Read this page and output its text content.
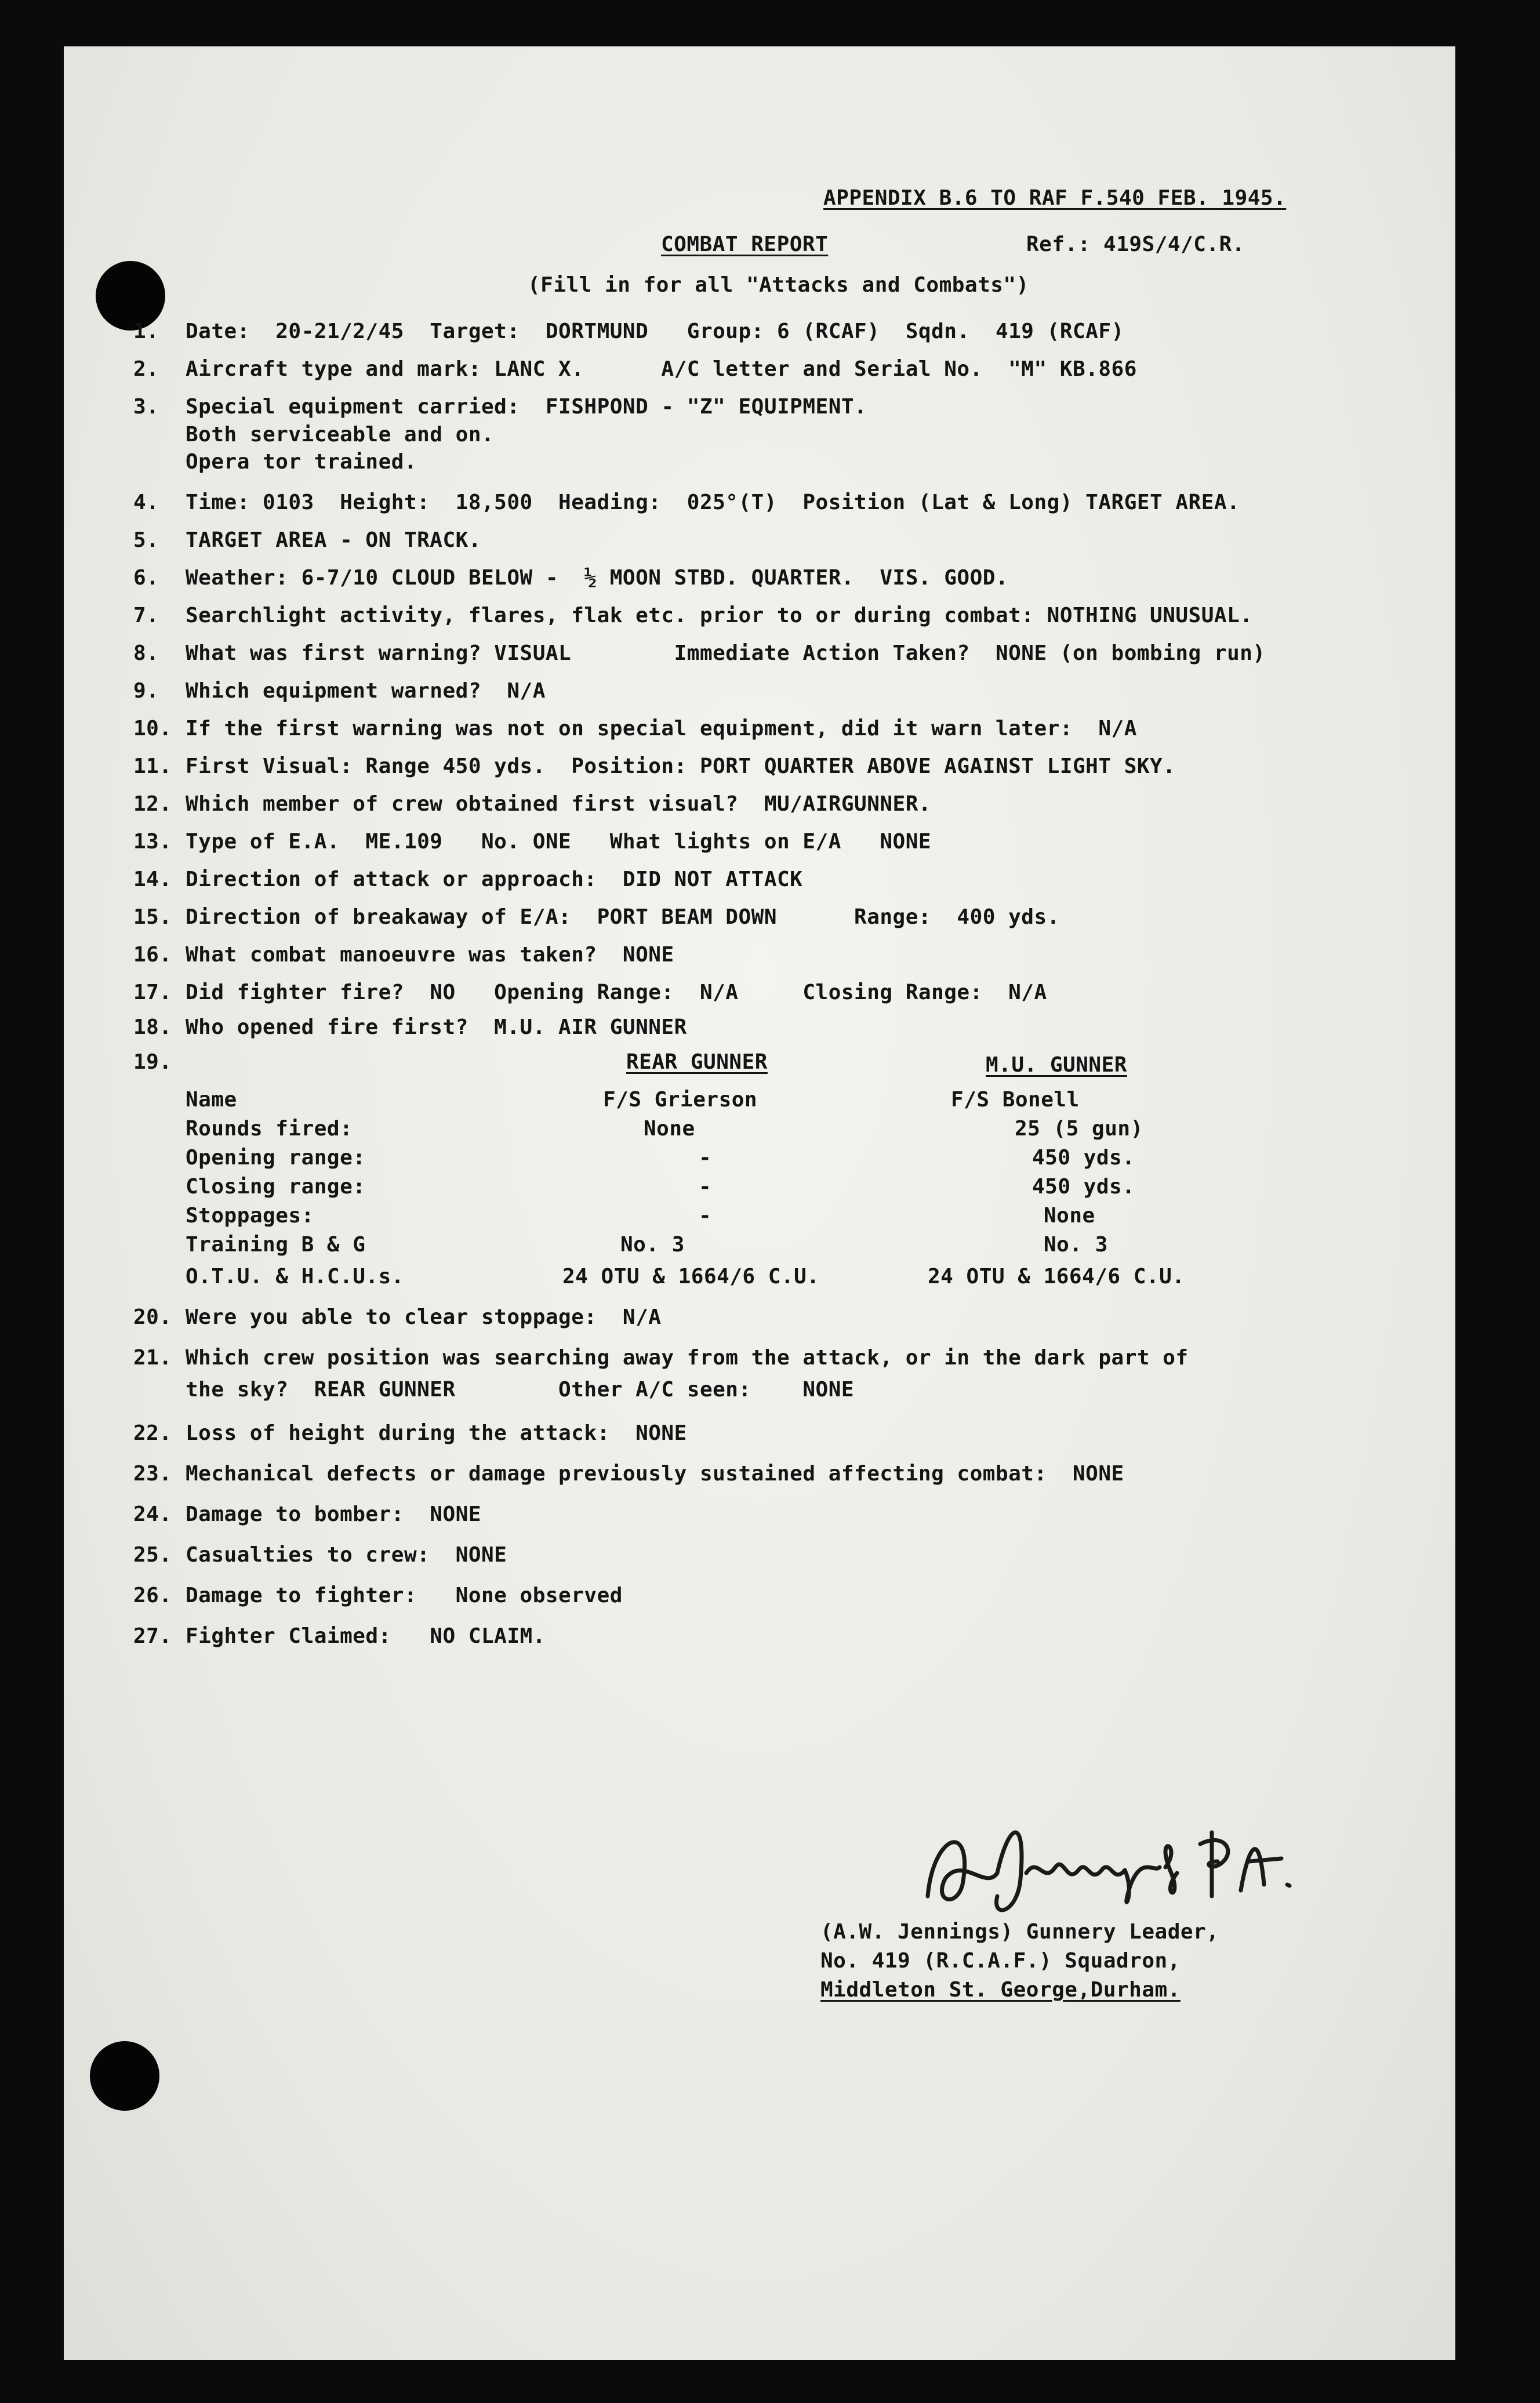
APPENDIX B.6 TO RAF F.540 FEB. 1945.
COMBAT REPORT	Ref.: 419S/4/C.R.
(Fill in for all "Attacks and Combats")
1. Date:  20-21/2/45  Target:  DORTMUND   Group: 6 (RCAF)  Sqdn.  419 (RCAF)
2. Aircraft type and mark: LANC X.      A/C letter and Serial No.  "M" KB.866
3. Special equipment carried:  FISHPOND - "Z" EQUIPMENT.
Both serviceable and on.
Opera tor trained.
4. Time: 0103  Height:  18,500  Heading:  025°(T)  Position (Lat & Long) TARGET AREA.
5. TARGET AREA - ON TRACK.
6. Weather: 6-7/10 CLOUD BELOW -  ½ MOON STBD. QUARTER.  VIS. GOOD.
7. Searchlight activity, flares, flak etc. prior to or during combat: NOTHING UNUSUAL.
8. What was first warning? VISUAL        Immediate Action Taken?  NONE (on bombing run)
9. Which equipment warned?  N/A
10. If the first warning was not on special equipment, did it warn later:  N/A
11. First Visual: Range 450 yds.  Position: PORT QUARTER ABOVE AGAINST LIGHT SKY.
12. Which member of crew obtained first visual?  MU/AIRGUNNER.
13. Type of E.A.  ME.109   No. ONE   What lights on E/A   NONE
14. Direction of attack or approach:  DID NOT ATTACK
15. Direction of breakaway of E/A:  PORT BEAM DOWN      Range:  400 yds.
16. What combat manoeuvre was taken?  NONE
17. Did fighter fire?  NO   Opening Range:  N/A     Closing Range:  N/A
18. Who opened fire first?  M.U. AIR GUNNER
19.	REAR GUNNER	M.U. GUNNER
Name	F/S Grierson	F/S Bonell
Rounds fired:	None	25 (5 gun)
Opening range:	-	450 yds.
Closing range:	-	450 yds.
Stoppages:	-	None
Training B & G	No. 3	No. 3
O.T.U. & H.C.U.s.	24 OTU & 1664/6 C.U.	24 OTU & 1664/6 C.U.
20. Were you able to clear stoppage:  N/A
21. Which crew position was searching away from the attack, or in the dark part of
the sky?  REAR GUNNER        Other A/C seen:    NONE
22. Loss of height during the attack:  NONE
23. Mechanical defects or damage previously sustained affecting combat:  NONE
24. Damage to bomber:  NONE
25. Casualties to crew:  NONE
26. Damage to fighter:   None observed
27. Fighter Claimed:   NO CLAIM.
(A.W. Jennings) Gunnery Leader,
No. 419 (R.C.A.F.) Squadron,
Middleton St. George,Durham.
